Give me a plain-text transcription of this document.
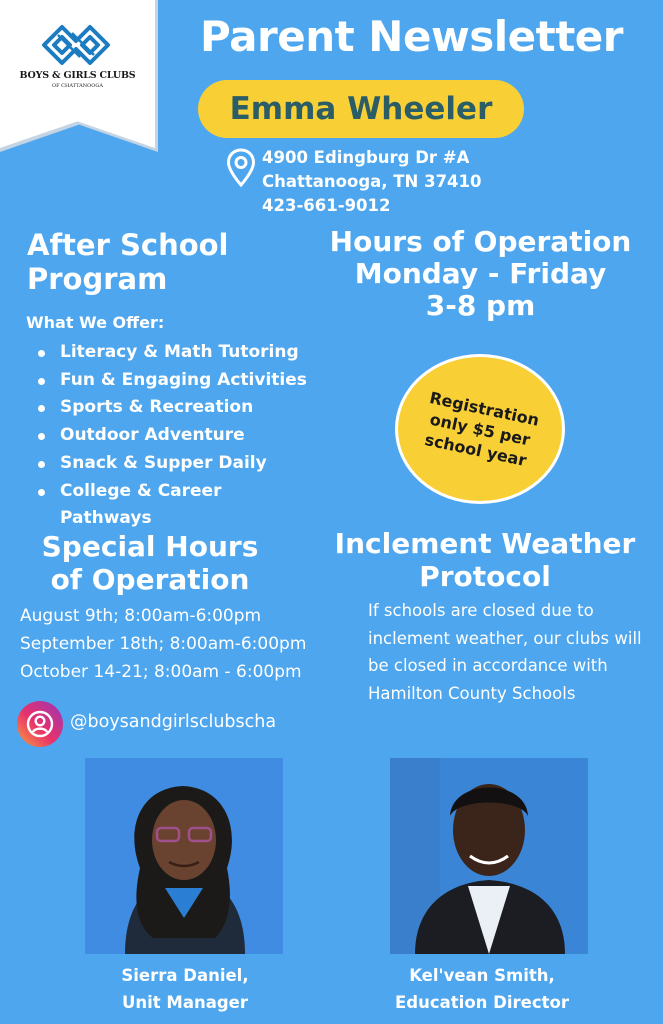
BOYS & GIRLS CLUBS
OF CHATTANOOGA
Parent Newsletter
Emma Wheeler
4900 Edingburg Dr #A
Chattanooga, TN 37410
423-661-9012
After School
Program
What We Offer:
Literacy & Math Tutoring
Fun & Engaging Activities
Sports & Recreation
Outdoor Adventure
Snack & Supper Daily
College & Career Pathways
Hours of Operation
Monday - Friday
3-8 pm
Registration only $5 per school year
Special Hours
of Operation
August 9th; 8:00am-6:00pm
September 18th; 8:00am-6:00pm
October 14-21; 8:00am - 6:00pm
Inclement Weather
Protocol
If schools are closed due to inclement weather, our clubs will be closed in accordance with Hamilton County Schools
@boysandgirlsclubscha
Sierra Daniel,
Unit Manager
Kel'vean Smith,
Education Director
